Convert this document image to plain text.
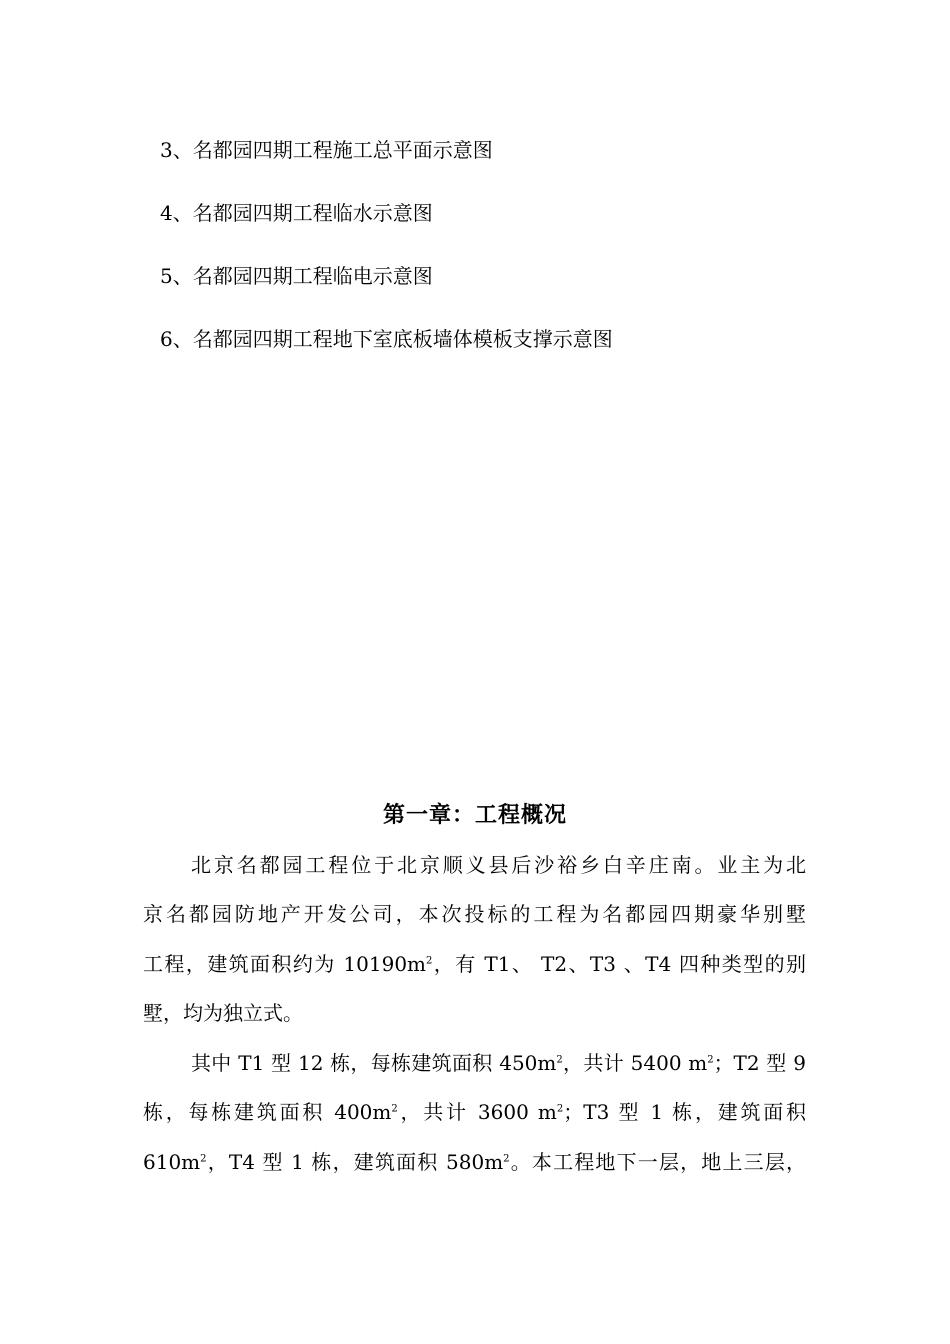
3、名都园四期工程施工总平面示意图
4、名都园四期工程临水示意图
5、名都园四期工程临电示意图
6、名都园四期工程地下室底板墙体模板支撑示意图
第一章：工程概况
北京名都园工程位于北京顺义县后沙裕乡白辛庄南。业主为北
京名都园防地产开发公司，本次投标的工程为名都园四期豪华别墅
工程，建筑面积约为 $10190m^2$，有 T1、 T2、T3 、T4 四种类型的别
墅，均为独立式。
其中 T1 型 12 栋，每栋建筑面积 $450m^2$，共计 5400 $m^2$；T2 型 9
栋，每栋建筑面积 $400m^2$，共计 3600 $m^2$；T3 型 1 栋，建筑面积
$610m^2$，T4 型 1 栋，建筑面积 $580m^2$。本工程地下一层，地上三层，
